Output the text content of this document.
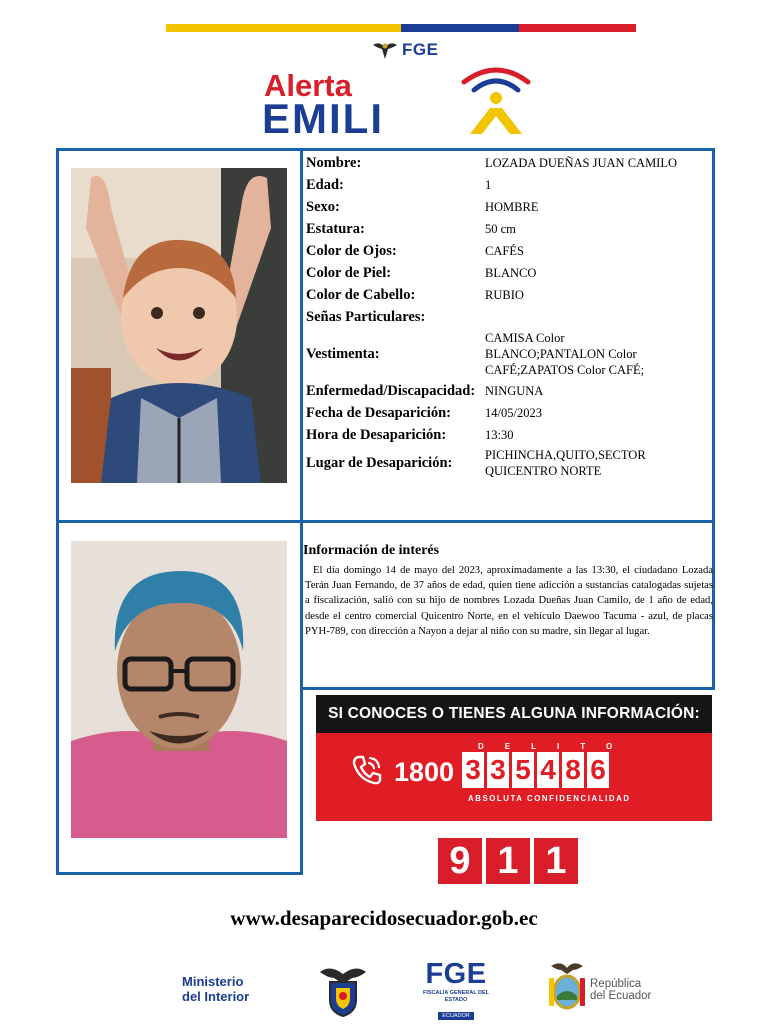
FGE
Alerta
EMILI
Nombre:	LOZADA DUEÑAS JUAN CAMILO
Edad:	1
Sexo:	HOMBRE
Estatura:	50 cm
Color de Ojos:	CAFÉS
Color de Piel:	BLANCO
Color de Cabello:	RUBIO
Señas Particulares:
Vestimenta:
CAMISA Color BLANCO;PANTALON Color CAFÉ;ZAPATOS Color CAFÉ;
Enfermedad/Discapacidad: NINGUNA
Fecha de Desaparición:	14/05/2023
Hora de Desaparición:	13:30
Lugar de Desaparición:	PICHINCHA,QUITO,SECTOR QUICENTRO NORTE
Información de interés
El día domingo 14 de mayo del 2023, aproximadamente a las 13:30, el ciudadano Lozada Terán Juan Fernando, de 37 años de edad, quien tiene adicción a sustancias catalogadas sujetas a fiscalización, salió con su hijo de nombres Lozada Dueñas Juan Camilo, de 1 año de edad, desde el centro comercial Quicentro Norte, en el vehículo Daewoo Tacuma - azul, de placas PYH-789, con dirección a Nayon a dejar al niño con su madre, sin llegar al lugar.
SI CONOCES O TIENES ALGUNA INFORMACIÓN:
DELITO
1800 3 3 5 4 8 6
ABSOLUTA CONFIDENCIALIDAD
9 1 1
www.desaparecidosecuador.gob.ec
Ministerio
del Interior
FGE
FISCALÍA GENERAL DEL ESTADO
ECUADOR
República
del Ecuador
